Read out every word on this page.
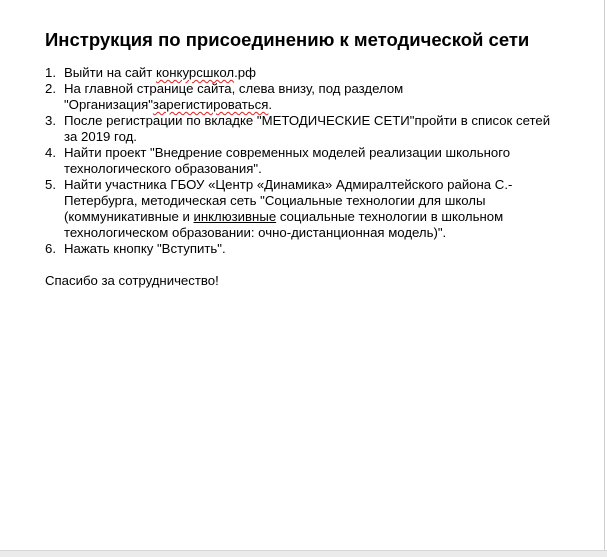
Инструкция по присоединению к методической сети
1. Выйти на сайт конкурсшкол.рф
2. На главной странице сайта, слева внизу, под разделом "Организация"зарегистироваться.
3. После регистрации по вкладке "МЕТОДИЧЕСКИЕ СЕТИ"пройти в список сетей за 2019 год.
4. Найти проект "Внедрение современных моделей реализации школьного технологического образования".
5. Найти участника ГБОУ «Центр «Динамика» Адмиралтейского района С.-Петербурга, методическая сеть "Социальные технологии для школы (коммуникативные и инклюзивные социальные технологии в школьном технологическом образовании: очно-дистанционная модель)".
6. Нажать кнопку "Вступить".

Спасибо за сотрудничество!
